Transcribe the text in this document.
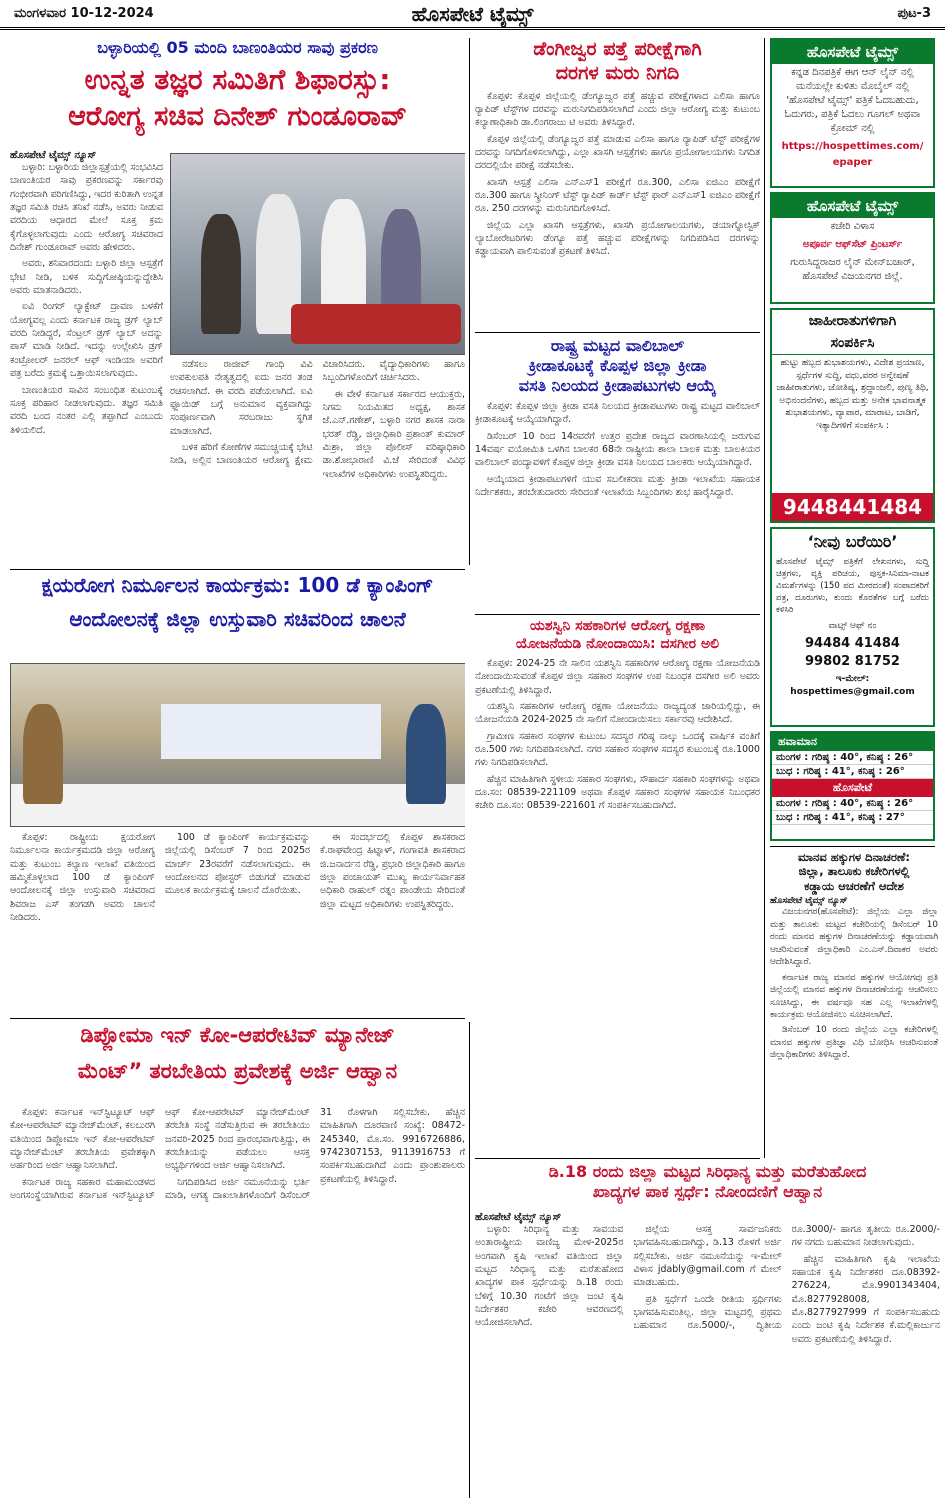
ಮಂಗಳವಾರ 10-12-2024	ಹೊಸಪೇಟೆ ಟೈಮ್ಸ್	ಪುಟ-3
ಬಳ್ಳಾರಿಯಲ್ಲಿ 05 ಮಂದಿ ಬಾಣಂತಿಯರ ಸಾವು ಪ್ರಕರಣ
ಉನ್ನತ ತಜ್ಞರ ಸಮಿತಿಗೆ ಶಿಫಾರಸ್ಸು:
ಆರೋಗ್ಯ ಸಚಿವ ದಿನೇಶ್ ಗುಂಡೂರಾವ್
ಹೊಸಪೇಟೆ ಟೈಮ್ಸ್ ನ್ಯೂಸ್

ಬಳ್ಳಾರಿ: ಬಳ್ಳಾರಿಯ ಜಿಲ್ಲಾಸ್ಪತ್ರೆಯಲ್ಲಿ ಸಂಭವಿಸಿದ ಬಾಣಂತಿಯರ ಸಾವು ಪ್ರಕರಣವನ್ನು ಸರ್ಕಾರವು ಗಂಭೀರವಾಗಿ ಪರಿಗಣಿಸಿದ್ದು, ಇದರ ಕುರಿತಾಗಿ ಉನ್ನತ ತಜ್ಞರ ಸಮಿತಿ ರಚಿಸಿ ತನಿಖೆ ನಡೆಸಿ, ಅವರು ನೀಡುವ ವರದಿಯ ಆಧಾರದ ಮೇಲೆ ಸೂಕ್ತ ಕ್ರಮ ಕೈಗೊಳ್ಳಲಾಗುವುದು ಎಂದು ಆರೋಗ್ಯ ಸಚಿವರಾದ ದಿನೇಶ್ ಗುಂಡೂರಾವ್ ಅವರು ಹೇಳಿದರು.

ಅವರು, ಶನಿವಾರದಂದು ಬಳ್ಳಾರಿ ಜಿಲ್ಲಾ ಆಸ್ಪತ್ರೆಗೆ ಭೇಟಿ ನೀಡಿ, ಬಳಿಕ ಸುದ್ದಿಗೋಷ್ಠಿಯನ್ನುದ್ದೇಶಿಸಿ ಅವರು ಮಾತನಾಡಿದರು.

ಐವಿ ರಿಂಗರ್ ಲ್ಯಾಕ್ಟೇಟ್ ದ್ರಾವಣ ಬಳಕೆಗೆ ಯೋಗ್ಯವಲ್ಲ ಎಂದು ಕರ್ನಾಟಕ ರಾಜ್ಯ ಡ್ರಗ್ ಲ್ಯಾಬ್ ವರದಿ ನೀಡಿದ್ದರೆ, ಸೆಂಟ್ರಲ್ ಡ್ರಗ್ ಲ್ಯಾಬ್ ಅದನ್ನು ಪಾಸ್ ಮಾಡಿ ನೀಡಿದೆ. ಇದನ್ನು ಉಲ್ಲೇಖಿಸಿ ಡ್ರಗ್ ಕಂಟ್ರೋಲರ್ ಜನರಲ್ ಆಫ್ ಇಂಡಿಯಾ ಅವರಿಗೆ ಪತ್ರ ಬರೆದು ಕ್ರಮಕ್ಕೆ ಒತ್ತಾಯಿಸಲಾಗುವುದು.

ಬಾಣಂತಿಯರ ಸಾವಿನ ಸಂಬಂಧಿತ ಕುಟುಂಬಕ್ಕೆ ಸೂಕ್ತ ಪರಿಹಾರ ನೀಡಲಾಗುವುದು. ತಜ್ಞರ ಸಮಿತಿ ವರದಿ ಬಂದ ನಂತರ ಎಲ್ಲಿ ತಪ್ಪಾಗಿದೆ ಎಂಬುದು ತಿಳಿಯಲಿದೆ.

ನಡೆಸಲು ರಾಜೀವ್ ಗಾಂಧಿ ವಿವಿ ಉಪಕುಲಪತಿ ನೇತೃತ್ವದಲ್ಲಿ ಐದು ಜನರ ತಂಡ ರಚಿಸಲಾಗಿದೆ. ಈ ವರದಿ ಪಡೆಯಲಾಗಿದೆ. ಐವಿ ಫ್ಲೂಯಿಡ್ ಬಗ್ಗೆ ಅನುಮಾನ ವ್ಯಕ್ತವಾಗಿದ್ದು ಸಂಪೂರ್ಣವಾಗಿ ಸರಬರಾಜು ಸ್ಥಗಿತ ಮಾಡಲಾಗಿದೆ.

ಬಳಿಕ ಹೆರಿಗೆ ಕೋಣೆಗಳ ಸಮುಚ್ಚಯಕ್ಕೆ ಭೇಟಿ ನೀಡಿ, ಅಲ್ಲಿನ ಬಾಣಂತಿಯರ ಆರೋಗ್ಯ ಕ್ಷೇಮ ವಿಚಾರಿಸಿದರು. ವೈದ್ಯಾಧಿಕಾರಿಗಳು ಹಾಗೂ ಸಿಬ್ಬಂದಿಗಳೊಂದಿಗೆ ಚರ್ಚಿಸಿದರು.

ಈ ವೇಳೆ ಕರ್ನಾಟಕ ಸರ್ಕಾರದ ಆಯುಕ್ತರು, ನಿಗಮ ನಿಯಮಿತದ ಅಧ್ಯಕ್ಷ, ಶಾಸಕ ಜೆ.ಎನ್.ಗಣೇಶ್, ಬಳ್ಳಾರಿ ನಗರ ಶಾಸಕ ನಾರಾ ಭರತ್ ರೆಡ್ಡಿ, ಜಿಲ್ಲಾಧಿಕಾರಿ ಪ್ರಶಾಂತ್ ಕುಮಾರ್ ಮಿಶ್ರಾ, ಜಿಲ್ಲಾ ಪೊಲೀಸ್ ವರಿಷ್ಠಾಧಿಕಾರಿ ಡಾ.ಶೋಭಾರಾಣಿ ವಿ.ಜೆ ಸೇರಿದಂತೆ ವಿವಿಧ ಇಲಾಖೆಗಳ ಅಧಿಕಾರಿಗಳು ಉಪಸ್ಥಿತರಿದ್ದರು.

ಡೆಂಗೀಜ್ವರ ಪತ್ತೆ ಪರೀಕ್ಷೆಗಾಗಿ
ದರಗಳ ಮರು ನಿಗದಿ

ಕೊಪ್ಪಳ: ಕೊಪ್ಪಳ ಜಿಲ್ಲೆಯಲ್ಲಿ ಡೆಂಗ್ಯೂಜ್ವರ ಪತ್ತೆ ಹಚ್ಚುವ ಪರೀಕ್ಷೆಗಳಾದ ಎಲಿಸಾ ಹಾಗೂ ರ್‍ಯಾಪಿಡ್ ಟೆಸ್ಟ್‌ಗಳ ದರವನ್ನು ಮರುನಿಗದಿಪಡಿಸಲಾಗಿದೆ ಎಂದು ಜಿಲ್ಲಾ ಆರೋಗ್ಯ ಮತ್ತು ಕುಟುಂಬ ಕಲ್ಯಾಣಾಧಿಕಾರಿ ಡಾ.ಲಿಂಗರಾಜು ಟಿ ಅವರು ತಿಳಿಸಿದ್ದಾರೆ.

ಕೊಪ್ಪಳ ಜಿಲ್ಲೆಯಲ್ಲಿ ಡೆಂಗ್ಯೂಜ್ವರ ಪತ್ತೆ ಮಾಡುವ ಎಲಿಸಾ ಹಾಗೂ ರ್‍ಯಾಪಿಡ್ ಟೆಸ್ಟ್ ಪರೀಕ್ಷೆಗಳ ದರವನ್ನು ನಿಗದಿಗೊಳಿಸಲಾಗಿದ್ದು, ಎಲ್ಲಾ ಖಾಸಗಿ ಆಸ್ಪತ್ರೆಗಳು ಹಾಗೂ ಪ್ರಯೋಗಾಲಯಗಳು ನಿಗದಿತ ದರದಲ್ಲಿಯೇ ಪರೀಕ್ಷೆ ನಡೆಸಬೇಕು.

ಖಾಸಗಿ ಆಸ್ಪತ್ರೆ ಎಲಿಸಾ ಎನ್‌ಎಸ್1 ಪರೀಕ್ಷೆಗೆ ರೂ.300, ಎಲಿಸಾ ಐಜಿಎಂ ಪರೀಕ್ಷೆಗೆ ರೂ.300 ಹಾಗೂ ಸ್ಕ್ರೀನಿಂಗ್ ಟೆಸ್ಟ್ ರ್‍ಯಾಪಿಡ್ ಕಾರ್ಡ್ ಟೆಸ್ಟ್ ಫಾರ್ ಎನ್‌ಎಸ್1 ಐಜಿಎಂ ಪರೀಕ್ಷೆಗೆ ರೂ. 250 ದರಗಳನ್ನು ಮರುನಿಗದಿಗೊಳಿಸಿದೆ.

ಜಿಲ್ಲೆಯ ಎಲ್ಲಾ ಖಾಸಗಿ ಆಸ್ಪತ್ರೆಗಳು, ಖಾಸಗಿ ಪ್ರಯೋಗಾಲಯಗಳು, ಡಯಾಗ್ನೋಸ್ಟಿಕ್ ಲ್ಯಾಬೋರೇಟರಿಗಳು ಡೆಂಗ್ಯೂ ಪತ್ತೆ ಹಚ್ಚುವ ಪರೀಕ್ಷೆಗಳನ್ನು ನಿಗದಿಪಡಿಸಿದ ದರಗಳನ್ನು ಕಡ್ಡಾಯವಾಗಿ ಪಾಲಿಸುವಂತೆ ಪ್ರಕಟಣೆ ತಿಳಿಸಿದೆ.

ರಾಷ್ಟ್ರ ಮಟ್ಟದ ವಾಲಿಬಾಲ್
ಕ್ರೀಡಾಕೂಟಕ್ಕೆ ಕೊಪ್ಪಳ ಜಿಲ್ಲಾ ಕ್ರೀಡಾ
ವಸತಿ ನಿಲಯದ ಕ್ರೀಡಾಪಟುಗಳು ಆಯ್ಕೆ

ಕೊಪ್ಪಳ: ಕೊಪ್ಪಳ ಜಿಲ್ಲಾ ಕ್ರೀಡಾ ವಸತಿ ನಿಲಯದ ಕ್ರೀಡಾಪಟುಗಳು ರಾಷ್ಟ್ರ ಮಟ್ಟದ ವಾಲಿಬಾಲ್ ಕ್ರೀಡಾಕೂಟಕ್ಕೆ ಆಯ್ಕೆಯಾಗಿದ್ದಾರೆ.

ಡಿಸೆಂಬರ್ 10 ರಿಂದ 14ರವರೆಗೆ ಉತ್ತರ ಪ್ರದೇಶ ರಾಜ್ಯದ ವಾರಣಾಸಿಯಲ್ಲಿ ಜರುಗುವ 14ವರ್ಷ ವಯೋಮಿತಿ ಒಳಗಿನ ಬಾಲಕರ 68ನೇ ರಾಷ್ಟ್ರೀಯ ಶಾಲಾ ಬಾಲಕ ಮತ್ತು ಬಾಲಕಿಯರ ವಾಲಿಬಾಲ್ ಪಂದ್ಯಾವಳಿಗೆ ಕೊಪ್ಪಳ ಜಿಲ್ಲಾ ಕ್ರೀಡಾ ವಸತಿ ನಿಲಯದ ಬಾಲಕರು ಆಯ್ಕೆಯಾಗಿದ್ದಾರೆ.

ಆಯ್ಕೆಯಾದ ಕ್ರೀಡಾಪಟುಗಳಿಗೆ ಯುವ ಸಬಲೀಕರಣ ಮತ್ತು ಕ್ರೀಡಾ ಇಲಾಖೆಯ ಸಹಾಯಕ ನಿರ್ದೇಶಕರು, ತರಬೇತುದಾರರು ಸೇರಿದಂತೆ ಇಲಾಖೆಯ ಸಿಬ್ಬಂದಿಗಳು ಶುಭ ಹಾರೈಸಿದ್ದಾರೆ.

ಯಶಸ್ವಿನಿ ಸಹಕಾರಿಗಳ ಆರೋಗ್ಯ ರಕ್ಷಣಾ
ಯೋಜನೆಯಡಿ ನೋಂದಾಯಿಸಿ: ದಸಗೀರ ಅಲಿ

ಕೊಪ್ಪಳ: 2024-25 ನೇ ಸಾಲಿನ ಯಶಸ್ವಿನಿ ಸಹಕಾರಿಗಳ ಆರೋಗ್ಯ ರಕ್ಷಣಾ ಯೋಜನೆಯಡಿ ನೋಂದಾಯಿಸುವಂತೆ ಕೊಪ್ಪಳ ಜಿಲ್ಲಾ ಸಹಕಾರ ಸಂಘಗಳ ಉಪ ನಿಬಂಧಕ ದಸಗೀರ ಅಲಿ ಅವರು ಪ್ರಕಟಣೆಯಲ್ಲಿ ತಿಳಿಸಿದ್ದಾರೆ.

ಯಶಸ್ವಿನಿ ಸಹಕಾರಿಗಳ ಆರೋಗ್ಯ ರಕ್ಷಣಾ ಯೋಜನೆಯು ರಾಜ್ಯದ್ಯಂತ ಜಾರಿಯಲ್ಲಿದ್ದು, ಈ ಯೋಜನೆಯಡಿ 2024-2025 ನೇ ಸಾಲಿಗೆ ನೋಂದಾಯಿಸಲು ಸರ್ಕಾರವು ಆದೇಶಿಸಿದೆ.

ಗ್ರಾಮೀಣ ಸಹಕಾರ ಸಂಘಗಳ ಕುಟುಂಬ ಸದಸ್ಯರ ಗರಿಷ್ಠ ನಾಲ್ಕು ಒಂದಕ್ಕೆ ವಾರ್ಷಿಕ ವಂತಿಗೆ ರೂ.500 ಗಳು ನಿಗದಿಪಡಿಸಲಾಗಿದೆ. ನಗರ ಸಹಕಾರ ಸಂಘಗಳ ಸದಸ್ಯರ ಕುಟುಂಬಕ್ಕೆ ರೂ.1000 ಗಳು ನಿಗದಿಪಡಿಸಲಾಗಿದೆ.

ಹೆಚ್ಚಿನ ಮಾಹಿತಿಗಾಗಿ ಸ್ಥಳೀಯ ಸಹಕಾರ ಸಂಘಗಳು, ಸೌಹಾರ್ದ ಸಹಕಾರಿ ಸಂಘಗಳನ್ನು ಅಥವಾ ದೂ.ಸಂ: 08539-221109 ಅಥವಾ ಕೊಪ್ಪಳ ಸಹಕಾರ ಸಂಘಗಳ ಸಹಾಯಕ ನಿಬಂಧಕರ ಕಚೇರಿ ದೂ.ಸಂ: 08539-221601 ಗೆ ಸಂಪರ್ಕಿಸಬಹುದಾಗಿದೆ.

ಕ್ಷಯರೋಗ ನಿರ್ಮೂಲನ ಕಾರ್ಯಕ್ರಮ: 100 ಡೆ ಕ್ಯಾಂಪಿಂಗ್
ಆಂದೋಲನಕ್ಕೆ ಜಿಲ್ಲಾ ಉಸ್ತುವಾರಿ ಸಚಿವರಿಂದ ಚಾಲನೆ

ಕೊಪ್ಪಳ: ರಾಷ್ಟ್ರೀಯ ಕ್ಷಯರೋಗ ನಿರ್ಮೂಲನಾ ಕಾರ್ಯಕ್ರಮದಡಿ ಜಿಲ್ಲಾ ಆರೋಗ್ಯ ಮತ್ತು ಕುಟುಂಬ ಕಲ್ಯಾಣ ಇಲಾಖೆ ವತಿಯಿಂದ ಹಮ್ಮಿಕೊಳ್ಳಲಾದ 100 ಡೆ ಕ್ಯಾಂಪಿಂಗ್ ಆಂದೋಲನಕ್ಕೆ ಜಿಲ್ಲಾ ಉಸ್ತುವಾರಿ ಸಚಿವರಾದ ಶಿವರಾಜ ಎಸ್ ತಂಗಡಗಿ ಅವರು ಚಾಲನೆ ನೀಡಿದರು.

100 ಡೆ ಕ್ಯಾಂಪಿಂಗ್ ಕಾರ್ಯಕ್ರಮವನ್ನು ಜಿಲ್ಲೆಯಲ್ಲಿ ಡಿಸೆಂಬರ್ 7 ರಿಂದ 2025ರ ಮಾರ್ಚ್ 23ರವರೆಗೆ ನಡೆಸಲಾಗುವುದು. ಈ ಆಂದೋಲನದ ಪೋಸ್ಟರ್ ಬಿಡುಗಡೆ ಮಾಡುವ ಮೂಲಕ ಕಾರ್ಯಕ್ರಮಕ್ಕೆ ಚಾಲನೆ ದೊರೆಯಿತು.

ಈ ಸಂದರ್ಭದಲ್ಲಿ ಕೊಪ್ಪಳ ಶಾಸಕರಾದ ಕೆ.ರಾಘವೇಂದ್ರ ಹಿಟ್ನಾಳ್, ಗಂಗಾವತಿ ಶಾಸಕರಾದ ಜಿ.ಜನಾರ್ದನ ರೆಡ್ಡಿ, ಪ್ರಭಾರಿ ಜಿಲ್ಲಾಧಿಕಾರಿ ಹಾಗೂ ಜಿಲ್ಲಾ ಪಂಚಾಯತ್ ಮುಖ್ಯ ಕಾರ್ಯನಿರ್ವಾಹಕ ಅಧಿಕಾರಿ ರಾಹುಲ್ ರತ್ನಂ ಪಾಂಡೇಯ ಸೇರಿದಂತೆ ಜಿಲ್ಲಾ ಮಟ್ಟದ ಅಧಿಕಾರಿಗಳು ಉಪಸ್ಥಿತರಿದ್ದರು.

ಡಿಪ್ಲೋಮಾ ಇನ್ ಕೋ-ಆಪರೇಟಿವ್ ಮ್ಯಾನೇಜ್
ಮೆಂಟ್” ತರಬೇತಿಯ ಪ್ರವೇಶಕ್ಕೆ ಅರ್ಜಿ ಆಹ್ವಾನ

ಕೊಪ್ಪಳ: ಕರ್ನಾಟಕ ಇನ್‌ಸ್ಟಿಟ್ಯೂಟ್ ಆಫ್ ಕೋ-ಆಪರೇಟಿವ್ ಮ್ಯಾನೇಜ್‌ಮೆಂಟ್, ಕಲಬುರಗಿ ವತಿಯಿಂದ ಡಿಪ್ಲೋಮಾ ಇನ್ ಕೋ-ಆಪರೇಟಿವ್ ಮ್ಯಾನೇಜ್‌ಮೆಂಟ್ ತರಬೇತಿಯ ಪ್ರವೇಶಕ್ಕಾಗಿ ಅರ್ಹರಿಂದ ಅರ್ಜಿ ಆಹ್ವಾನಿಸಲಾಗಿದೆ.

ಕರ್ನಾಟಕ ರಾಜ್ಯ ಸಹಕಾರ ಮಹಾಮಂಡಳದ ಅಂಗಸಂಸ್ಥೆಯಾಗಿರುವ ಕರ್ನಾಟಕ ಇನ್‌ಸ್ಟಿಟ್ಯೂಟ್ ಆಫ್ ಕೋ-ಆಪರೇಟಿವ್ ಮ್ಯಾನೇಜ್‌ಮೆಂಟ್ ತರಬೇತಿ ಸಂಸ್ಥೆ ನಡೆಸುತ್ತಿರುವ ಈ ತರಬೇತಿಯು ಜನವರಿ-2025 ರಿಂದ ಪ್ರಾರಂಭವಾಗುತ್ತಿದ್ದು, ಈ ತರಬೇತಿಯನ್ನು ಪಡೆಯಲು ಆಸಕ್ತ ಅಭ್ಯರ್ಥಿಗಳಿಂದ ಅರ್ಜಿ ಆಹ್ವಾನಿಸಲಾಗಿದೆ.

ನಿಗದಿಪಡಿಸಿದ ಅರ್ಜಿ ನಮೂನೆಯನ್ನು ಭರ್ತಿ ಮಾಡಿ, ಅಗತ್ಯ ದಾಖಲಾತಿಗಳೊಂದಿಗೆ ಡಿಸೆಂಬರ್ 31 ರೊಳಗಾಗಿ ಸಲ್ಲಿಸಬೇಕು. ಹೆಚ್ಚಿನ ಮಾಹಿತಿಗಾಗಿ ದೂರವಾಣಿ ಸಂಖ್ಯೆ: 08472-245340, ಮೊ.ಸಂ. 9916726886, 9742307153, 9113916753 ಗೆ ಸಂಪರ್ಕಿಸಬಹುದಾಗಿದೆ ಎಂದು ಪ್ರಾಂಶುಪಾಲರು ಪ್ರಕಟಣೆಯಲ್ಲಿ ತಿಳಿಸಿದ್ದಾರೆ.	ಡಿ.18 ರಂದು ಜಿಲ್ಲಾ ಮಟ್ಟದ ಸಿರಿಧಾನ್ಯ ಮತ್ತು ಮರೆತುಹೋದ
ಖಾದ್ಯಗಳ ಪಾಕ ಸ್ಪರ್ಧೆ: ನೋಂದಣಿಗೆ ಆಹ್ವಾನ
ಹೊಸಪೇಟೆ ಟೈಮ್ಸ್ ನ್ಯೂಸ್

ಬಳ್ಳಾರಿ: ಸಿರಿಧಾನ್ಯ ಮತ್ತು ಸಾವಯವ ಅಂತಾರಾಷ್ಟ್ರೀಯ ವಾಣಿಜ್ಯ ಮೇಳ-2025ರ ಅಂಗವಾಗಿ ಕೃಷಿ ಇಲಾಖೆ ವತಿಯಿಂದ ಜಿಲ್ಲಾ ಮಟ್ಟದ ಸಿರಿಧಾನ್ಯ ಮತ್ತು ಮರೆತುಹೋದ ಖಾದ್ಯಗಳ ಪಾಕ ಸ್ಪರ್ಧೆಯನ್ನು ಡಿ.18 ರಂದು ಬೆಳಿಗ್ಗೆ 10.30 ಗಂಟೆಗೆ ಜಿಲ್ಲಾ ಜಂಟಿ ಕೃಷಿ ನಿರ್ದೇಶಕರ ಕಚೇರಿ ಆವರಣದಲ್ಲಿ ಆಯೋಜಿಸಲಾಗಿದೆ.

ಜಿಲ್ಲೆಯ ಆಸಕ್ತ ಸಾರ್ವಜನಿಕರು ಭಾಗವಹಿಸಬಹುದಾಗಿದ್ದು, ಡಿ.13 ರೊಳಗೆ ಅರ್ಜಿ ಸಲ್ಲಿಸಬೇಕು. ಅರ್ಜಿ ನಮೂನೆಯನ್ನು ಇ-ಮೇಲ್ ವಿಳಾಸ jdably@gmail.com ಗೆ ಮೇಲ್ ಮಾಡಬಹುದು.

ಪ್ರತಿ ಸ್ಪರ್ಧೆಗೆ ಒಂದೇ ರೀತಿಯ ಸ್ಪರ್ಧಿಗಳು ಭಾಗವಹಿಸುವಂತಿಲ್ಲ. ಜಿಲ್ಲಾ ಮಟ್ಟದಲ್ಲಿ ಪ್ರಥಮ ಬಹುಮಾನ ರೂ.5000/-, ದ್ವಿತೀಯ ರೂ.3000/- ಹಾಗೂ ತೃತೀಯ ರೂ.2000/-ಗಳ ನಗದು ಬಹುಮಾನ ನೀಡಲಾಗುವುದು.

ಹೆಚ್ಚಿನ ಮಾಹಿತಿಗಾಗಿ ಕೃಷಿ ಇಲಾಖೆಯ ಸಹಾಯಕ ಕೃಷಿ ನಿರ್ದೇಶಕರ ದೂ.08392-276224, ಮೊ.9901343404, ಮೊ.8277928008, ಮೊ.8277927999 ಗೆ ಸಂಪರ್ಕಿಸಬಹುದು ಎಂದು ಜಂಟಿ ಕೃಷಿ ನಿರ್ದೇಶಕ ಕೆ.ಮಲ್ಲಿಕಾರ್ಜುನ ಅವರು ಪ್ರಕಟಣೆಯಲ್ಲಿ ತಿಳಿಸಿದ್ದಾರೆ.

ಹೊಸಪೇಟೆ ಟೈಮ್ಸ್
ಕನ್ನಡ ದಿನಪತ್ರಿಕೆ ಈಗ ಆನ್ ಲೈನ್ ನಲ್ಲಿ ಮನೆಯಲ್ಲೇ ಕುಳಿತು ಮೊಬೈಲ್ ನಲ್ಲಿ 'ಹೊಸಪೇಟೆ ಟೈಮ್ಸ್' ಪತ್ರಿಕೆ ಓದಬಹುದು, ಓದುಗರು, ಪತ್ರಿಕೆ ಓದಲು ಗೂಗಲ್ ಅಥವಾ ಕ್ರೋಮ್ ನಲ್ಲಿ
https://hospettimes.com/
epaper
ಹೊಸಪೇಟೆ ಟೈಮ್ಸ್
ಕಚೇರಿ ವಿಳಾಸ
ಅಪೂರ್ವ ಆಫ್‌ಸೆಟ್ ಪ್ರಿಂಟರ್ಸ್
ಗುರುಸಿದ್ದರಾಜರ ಲೈನ್ ಮೇನ್‌ಬಜಾರ್, ಹೊಸಪೇಟೆ ವಿಜಯನಗರ ಜಿಲ್ಲೆ.
ಜಾಹೀರಾತುಗಳಿಗಾಗಿ
ಸಂಪರ್ಕಿಸಿ
ಹುಟ್ಟು ಹಬ್ಬದ ಶುಭಾಶಯಗಳು, ವಿದೇಶ ಪ್ರಯಾಣ, ಸ್ಪರ್ಧೆಗಳ ಸುದ್ದಿ, ವಧು,ವರರ ಅನ್ವೇಷಣೆ ಜಾಹೀರಾತುಗಳು, ಜೋತಿಷ್ಯ, ಶ್ರದ್ಧಾಂಜಲಿ, ಪುಣ್ಯ ತಿಥಿ, ಅಭಿನಂದನೆಗಳು, ಹಬ್ಬದ ಮತ್ತು ಅನೇಕ ಭಾವನಾತ್ಮಕ ಶುಭಾಶಯಗಳು, ವ್ಯಾಪಾರ, ಮಾರಾಟ, ಬಾಡಿಗೆ, ಇತ್ಯಾದಿಗಳಿಗೆ ಸಂಪರ್ಕಿಸಿ :
9448441484
‘ನೀವು ಬರೆಯಿರಿ’
ಹೊಸಪೇಟೆ ಟೈಮ್ಸ್ ಪತ್ರಿಕೆಗೆ ಲೇಖನಗಳು, ಸುದ್ದಿ ಚಿತ್ರಗಳು, ವ್ಯಕ್ತಿ ಪರಿಚಯ, ಪುಸ್ತಕ-ಸಿನಿಮಾ-ನಾಟಕ ವಿಮರ್ಶೆಗಳನ್ನು (150 ಪದ ಮೀರದಂತೆ) ಸಂಪಾದಕರಿಗೆ ಪತ್ರ, ದೂರುಗಳು, ಕುಂದು ಕೊರತೆಗಳ ಬಗ್ಗೆ ಬರೆದು ಕಳಿಸಿರಿ
ವಾಟ್ಸ್ ಆಫ್ ನಂ
94484 41484
99802 81752
ಇ-ಮೇಲ್: hospettimes@gmail.com
ಹವಾಮಾನ
ಮಂಗಳ : ಗರಿಷ್ಠ : 40°, ಕನಿಷ್ಠ : 26°
ಬುಧ : ಗರಿಷ್ಠ : 41°, ಕನಿಷ್ಠ : 26°
ಹೊಸಪೇಟೆ
ಮಂಗಳ : ಗರಿಷ್ಠ : 40°, ಕನಿಷ್ಠ : 26°
ಬುಧ : ಗರಿಷ್ಠ : 41°, ಕನಿಷ್ಠ : 27°
ಮಾನವ ಹಕ್ಕುಗಳ ದಿನಾಚರಣೆ:
ಜಿಲ್ಲಾ, ತಾಲೂಕು ಕಚೇರಿಗಳಲ್ಲಿ
ಕಡ್ಡಾಯ ಆಚರಣೆಗೆ ಆದೇಶ
ಹೊಸಪೇಟೆ ಟೈಮ್ಸ್ ನ್ಯೂಸ್

ವಿಜಯನಗರ(ಹೊಸಪೇಟೆ): ಜಿಲ್ಲೆಯ ಎಲ್ಲಾ ಜಿಲ್ಲಾ ಮತ್ತು ತಾಲೂಕು ಮಟ್ಟದ ಕಚೇರಿಯಲ್ಲಿ ಡಿಸೆಂಬರ್ 10 ರಂದು ಮಾನವ ಹಕ್ಕುಗಳ ದಿನಾಚರಣೆಯನ್ನು ಕಡ್ಡಾಯವಾಗಿ ಆಚರಿಸುವಂತೆ ಜಿಲ್ಲಾಧಿಕಾರಿ ಎಂ.ಎಸ್.ದಿವಾಕರ ಅವರು ಆದೇಶಿಸಿದ್ದಾರೆ.

ಕರ್ನಾಟಕ ರಾಜ್ಯ ಮಾನವ ಹಕ್ಕುಗಳ ಆಯೋಗವು ಪ್ರತಿ ಜಿಲ್ಲೆಯಲ್ಲಿ ಮಾನವ ಹಕ್ಕುಗಳ ದಿನಾಚರಣೆಯನ್ನು ಆಚರಿಸಲು ಸೂಚಿಸಿದ್ದು, ಈ ವರ್ಷವೂ ಸಹ ಎಲ್ಲ ಇಲಾಖೆಗಳಲ್ಲಿ ಕಾರ್ಯಕ್ರಮ ಆಯೋಜಿಸಲು ಸೂಚಿಸಲಾಗಿದೆ.

ಡಿಸೆಂಬರ್ 10 ರಂದು ಜಿಲ್ಲೆಯ ಎಲ್ಲಾ ಕಚೇರಿಗಳಲ್ಲಿ ಮಾನವ ಹಕ್ಕುಗಳ ಪ್ರತಿಜ್ಞಾ ವಿಧಿ ಬೋಧಿಸಿ ಆಚರಿಸುವಂತೆ ಜಿಲ್ಲಾಧಿಕಾರಿಗಳು ತಿಳಿಸಿದ್ದಾರೆ.
